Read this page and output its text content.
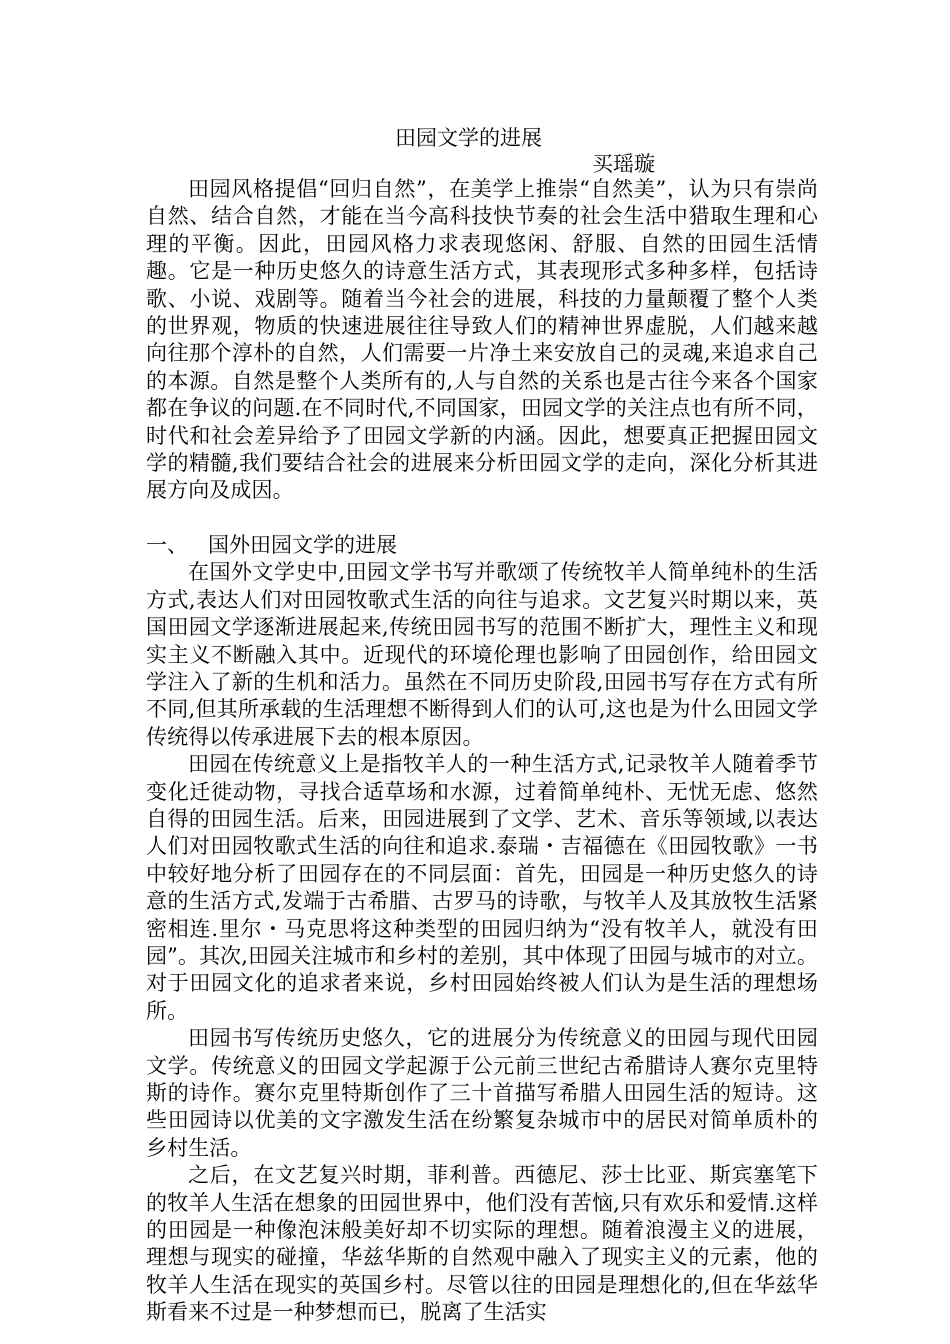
田园文学的进展
买瑶璇

田园风格提倡“回归自然”，在美学上推崇“自然美”，认为只有崇尚自然、结合自然，才能在当今高科技快节奏的社会生活中猎取生理和心理的平衡。因此，田园风格力求表现悠闲、舒服、自然的田园生活情趣。它是一种历史悠久的诗意生活方式，其表现形式多种多样，包括诗歌、小说、戏剧等。随着当今社会的进展，科技的力量颠覆了整个人类的世界观，物质的快速进展往往导致人们的精神世界虚脱，人们越来越向往那个淳朴的自然，人们需要一片净土来安放自己的灵魂,来追求自己的本源。自然是整个人类所有的,人与自然的关系也是古往今来各个国家都在争议的问题.在不同时代,不同国家，田园文学的关注点也有所不同，时代和社会差异给予了田园文学新的内涵。因此，想要真正把握田园文学的精髓,我们要结合社会的进展来分析田园文学的走向，深化分析其进展方向及成因。

一、 国外田园文学的进展

在国外文学史中,田园文学书写并歌颂了传统牧羊人简单纯朴的生活方式,表达人们对田园牧歌式生活的向往与追求。文艺复兴时期以来，英国田园文学逐渐进展起来,传统田园书写的范围不断扩大，理性主义和现实主义不断融入其中。近现代的环境伦理也影响了田园创作，给田园文学注入了新的生机和活力。虽然在不同历史阶段,田园书写存在方式有所不同,但其所承载的生活理想不断得到人们的认可,这也是为什么田园文学传统得以传承进展下去的根本原因。

田园在传统意义上是指牧羊人的一种生活方式,记录牧羊人随着季节变化迁徙动物，寻找合适草场和水源，过着简单纯朴、无忧无虑、悠然自得的田园生活。后来，田园进展到了文学、艺术、音乐等领域,以表达人们对田园牧歌式生活的向往和追求.泰瑞・吉福德在《田园牧歌》一书中较好地分析了田园存在的不同层面：首先，田园是一种历史悠久的诗意的生活方式,发端于古希腊、古罗马的诗歌，与牧羊人及其放牧生活紧密相连.里尔・马克思将这种类型的田园归纳为“没有牧羊人，就没有田园”。其次,田园关注城市和乡村的差别，其中体现了田园与城市的对立。对于田园文化的追求者来说，乡村田园始终被人们认为是生活的理想场所。

田园书写传统历史悠久，它的进展分为传统意义的田园与现代田园文学。传统意义的田园文学起源于公元前三世纪古希腊诗人赛尔克里特斯的诗作。赛尔克里特斯创作了三十首描写希腊人田园生活的短诗。这些田园诗以优美的文字激发生活在纷繁复杂城市中的居民对简单质朴的乡村生活。

之后，在文艺复兴时期，菲利普。西德尼、莎士比亚、斯宾塞笔下的牧羊人生活在想象的田园世界中，他们没有苦恼,只有欢乐和爱情.这样的田园是一种像泡沫般美好却不切实际的理想。随着浪漫主义的进展，理想与现实的碰撞，华兹华斯的自然观中融入了现实主义的元素，他的牧羊人生活在现实的英国乡村。尽管以往的田园是理想化的,但在华兹华斯看来不过是一种梦想而已，脱离了生活实
